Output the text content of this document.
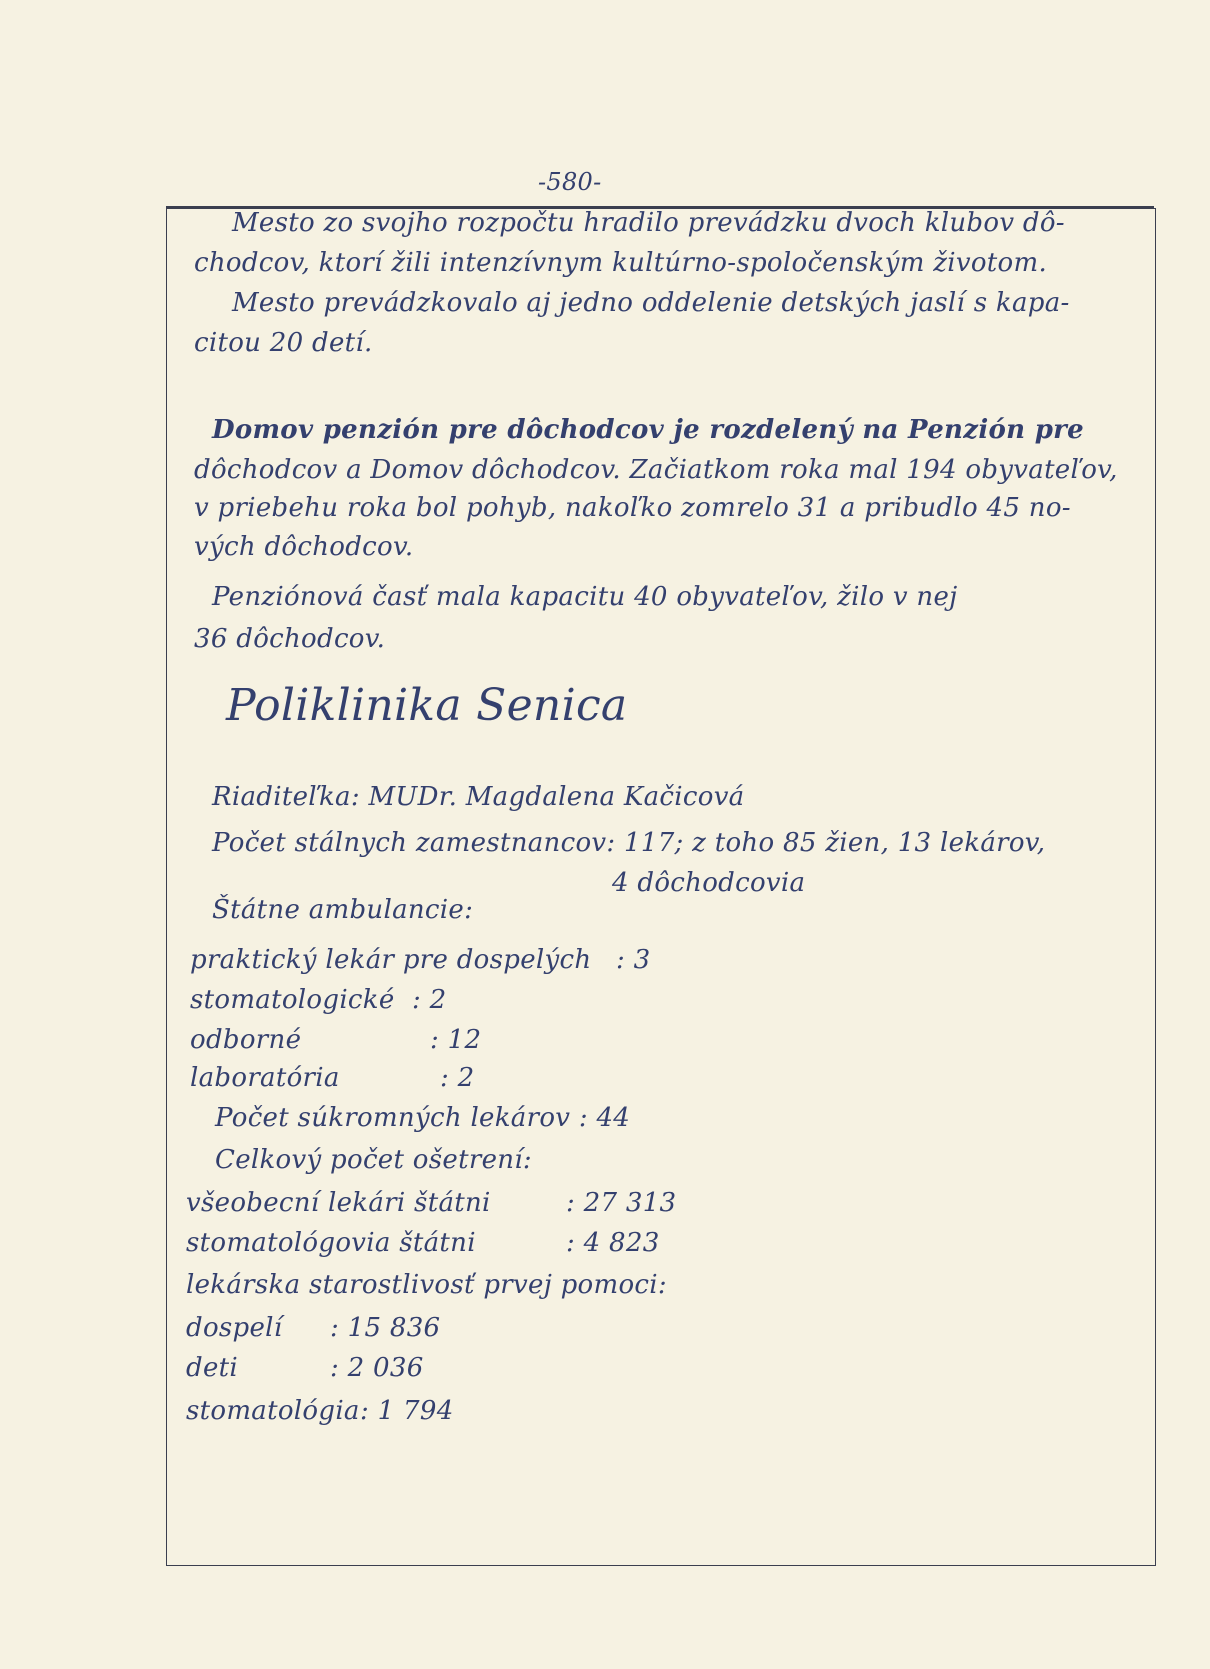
-580-
Mesto zo svojho rozpočtu hradilo prevádzku dvoch klubov dô-
chodcov, ktorí žili intenzívnym kultúrno-spoločenským životom.
Mesto prevádzkovalo aj jedno oddelenie detských jaslí s kapa-
citou 20 detí.
Domov penzión pre dôchodcov je rozdelený na Penzión pre
dôchodcov a Domov dôchodcov. Začiatkom roka mal 194 obyvateľov,
v priebehu roka bol pohyb, nakoľko zomrelo 31 a pribudlo 45 no-
vých dôchodcov.
Penziónová časť mala kapacitu 40 obyvateľov, žilo v nej
36 dôchodcov.
Poliklinika Senica
Riaditeľka: MUDr. Magdalena Kačicová
Počet stálnych zamestnancov: 117; z toho 85 žien, 13 lekárov,
4 dôchodcovia
Štátne ambulancie:
praktický lekár pre dospelých : 3
stomatologické : 2
odborné	: 12
laboratória	: 2
Počet súkromných lekárov : 44
Celkový počet ošetrení:
všeobecní lekári štátni	: 27 313
stomatológovia štátni	: 4 823
lekárska starostlivosť prvej pomoci:
dospelí : 15 836
deti	: 2 036
stomatológia : 1 794
